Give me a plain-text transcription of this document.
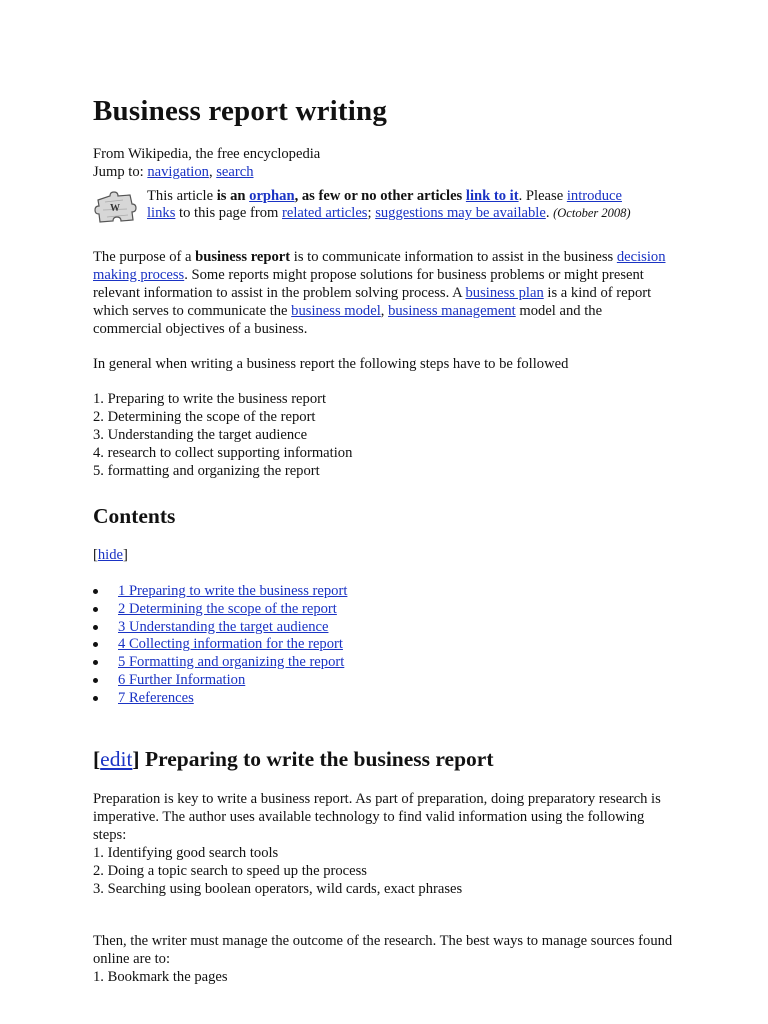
Business report writing
From Wikipedia, the free encyclopedia
Jump to: navigation, search
W
This article is an orphan, as few or no other articles link to it. Please introduce
links to this page from related articles; suggestions may be available. (October 2008)

The purpose of a business report is to communicate information to assist in the business decision making process. Some reports might propose solutions for business problems or might present relevant information to assist in the problem solving process. A business plan is a kind of report which serves to communicate the business model, business management model and the commercial objectives of a business.

In general when writing a business report the following steps have to be followed

1. Preparing to write the business report
2. Determining the scope of the report
3. Understanding the target audience
4. research to collect supporting information
5. formatting and organizing the report
Contents
[hide]
1 Preparing to write the business report
2 Determining the scope of the report
3 Understanding the target audience
4 Collecting information for the report
5 Formatting and organizing the report
6 Further Information
7 References
[edit] Preparing to write the business report

Preparation is key to write a business report. As part of preparation, doing preparatory research is imperative. The author uses available technology to find valid information using the following steps:

1. Identifying good search tools
2. Doing a topic search to speed up the process
3. Searching using boolean operators, wild cards, exact phrases

Then, the writer must manage the outcome of the research. The best ways to manage sources found online are to:

1. Bookmark the pages
